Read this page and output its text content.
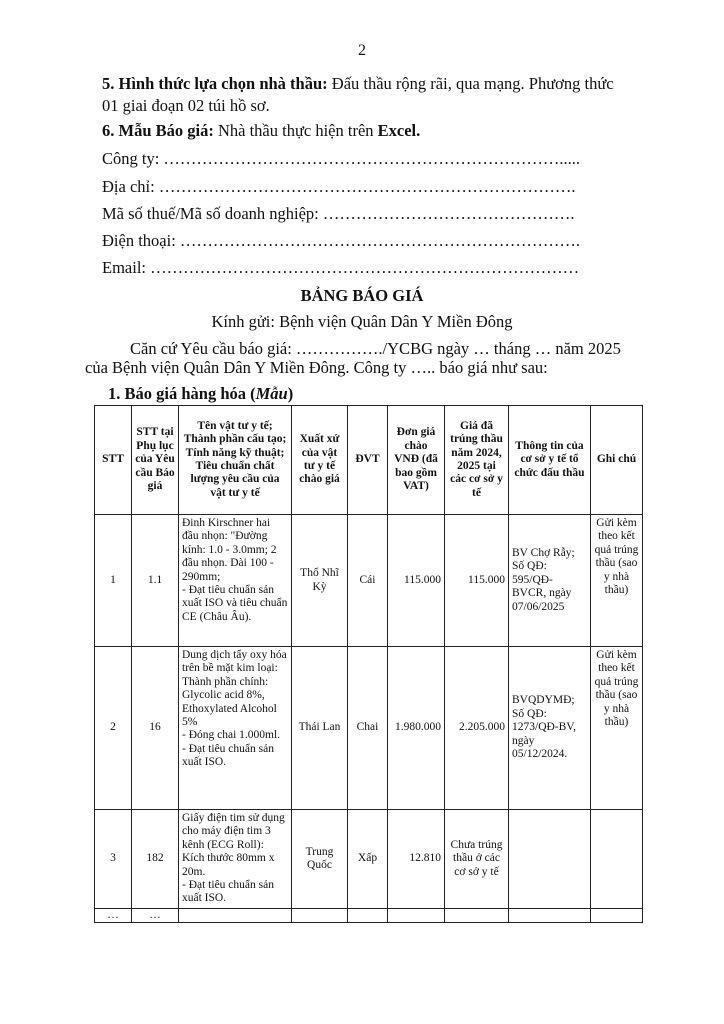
2
5. Hình thức lựa chọn nhà thầu: Đấu thầu rộng rãi, qua mạng. Phương thức
01 giai đoạn 02 túi hồ sơ.
6. Mẫu Báo giá: Nhà thầu thực hiện trên Excel.
Công ty: ……………………………………………………………….....
Địa chỉ: ………………………………………………………………….
Mã số thuế/Mã số doanh nghiệp: ……………………………………….
Điện thoại: ……………………………………………………………….
Email: ……………………………………………………………………
BẢNG BÁO GIÁ
Kính gửi: Bệnh viện Quân Dân Y Miền Đông
Căn cứ Yêu cầu báo giá: ……………./YCBG ngày … tháng … năm 2025
của Bệnh viện Quân Dân Y Miền Đông. Công ty ….. báo giá như sau:
1. Báo giá hàng hóa (Mẫu)
STT	STT tại Phụ lục của Yêu cầu Báo giá	Tên vật tư y tế; Thành phần cấu tạo; Tính năng kỹ thuật; Tiêu chuẩn chất lượng yêu cầu của vật tư y tế	Xuất xứ của vật tư y tế chào giá	ĐVT	Đơn giá chào VNĐ (đã bao gồm VAT)	Giá đã trúng thầu năm 2024, 2025 tại các cơ sở y tế	Thông tin của cơ sở y tế tổ chức đấu thầu	Ghi chú
1	1.1	Đinh Kirschner hai đầu nhọn: "Đường kính: 1.0 - 3.0mm; 2 đầu nhọn. Dài 100 - 290mm;
- Đạt tiêu chuẩn sản xuất ISO và tiêu chuẩn CE (Châu Âu).	Thổ Nhĩ Kỳ	Cái	115.000	115.000	BV Chợ Rẫy; Số QĐ: 595/QĐ-BVCR, ngày 07/06/2025	Gửi kèm theo kết quả trúng thầu (sao y nhà thầu)
2	16	Dung dịch tẩy oxy hóa trên bề mặt kim loại: Thành phần chính: Glycolic acid 8%, Ethoxylated Alcohol 5%
- Đóng chai 1.000ml.
- Đạt tiêu chuẩn sản xuất ISO.	Thái Lan	Chai	1.980.000	2.205.000	BVQDYMĐ; Số QĐ: 1273/QĐ-BV, ngày 05/12/2024.	Gửi kèm theo kết quả trúng thầu (sao y nhà thầu)
3	182	Giấy điện tim sử dụng cho máy điện tim 3 kênh (ECG Roll): Kích thước 80mm x 20m.
- Đạt tiêu chuẩn sản xuất ISO.	Trung Quốc	Xấp	12.810	Chưa trúng thầu ở các cơ sở y tế		
…	…							
